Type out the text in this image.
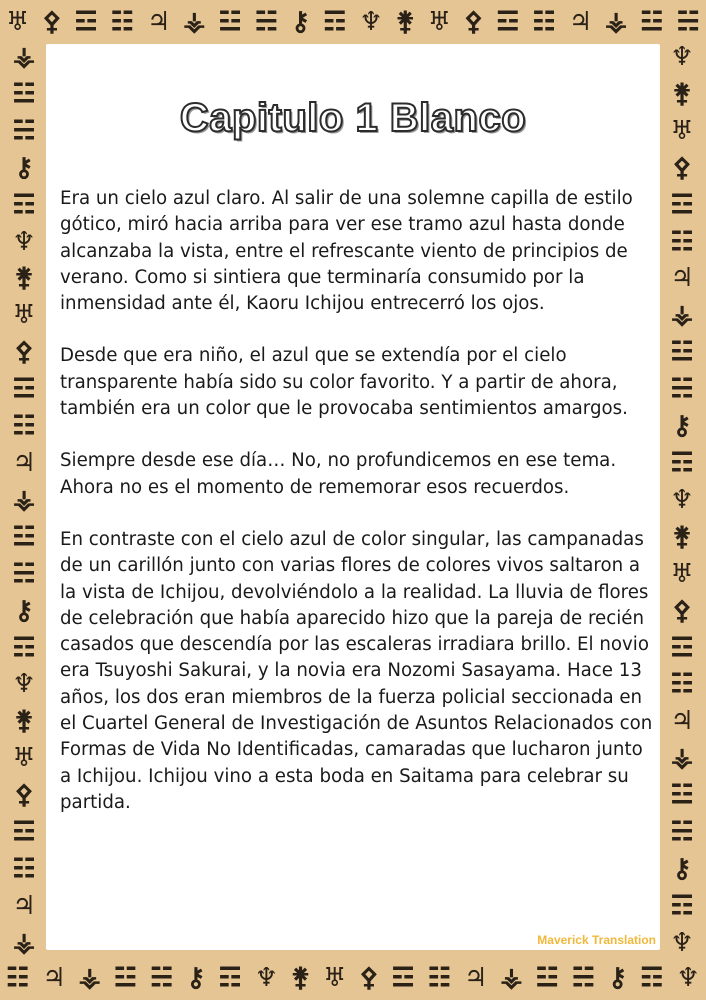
♅ ⚴ ☲ ☷ ♃ ⚶ ☳ ☵ ⚷ ☶ ♆ ⚵ ♅ ⚴ ☲ ☷ ♃ ⚶ ☳ ☵
☷ ♃ ⚶ ☳ ☵ ⚷ ☶ ♆ ⚵ ♅ ⚴ ☲ ☷ ♃ ⚶ ☳ ☵ ⚷ ☶ ♆
⚶
☳
☵
⚷
☶
♆
⚵
♅
⚴
☲
☷
♃
⚶
☳
☵
⚷
☶
♆
⚵
♅
⚴
☲
☷
♃
⚶
♆
⚵
♅
⚴
☲
☷
♃
⚶
☳
☵
⚷
☶
♆
⚵
♅
⚴
☲
☷
♃
⚶
☳
☵
⚷
☶
♆
Capitulo 1 Blanco

Era un cielo azul claro. Al salir de una solemne capilla de estilo gótico, miró hacia arriba para ver ese tramo azul hasta donde alcanzaba la vista, entre el refrescante viento de principios de verano. Como si sintiera que terminaría consumido por la inmensidad ante él, Kaoru Ichijou entrecerró los ojos.

Desde que era niño, el azul que se extendía por el cielo transparente había sido su color favorito. Y a partir de ahora, también era un color que le provocaba sentimientos amargos.

Siempre desde ese día… No, no profundicemos en ese tema. Ahora no es el momento de rememorar esos recuerdos.

En contraste con el cielo azul de color singular, las campanadas de un carillón junto con varias flores de colores vivos saltaron a la vista de Ichijou, devolviéndolo a la realidad. La lluvia de flores de celebración que había aparecido hizo que la pareja de recién casados que descendía por las escaleras irradiara brillo. El novio era Tsuyoshi Sakurai, y la novia era Nozomi Sasayama. Hace 13 años, los dos eran miembros de la fuerza policial seccionada en el Cuartel General de Investigación de Asuntos Relacionados con Formas de Vida No Identificadas, camaradas que lucharon junto a Ichijou. Ichijou vino a esta boda en Saitama para celebrar su partida.

Maverick Translation
